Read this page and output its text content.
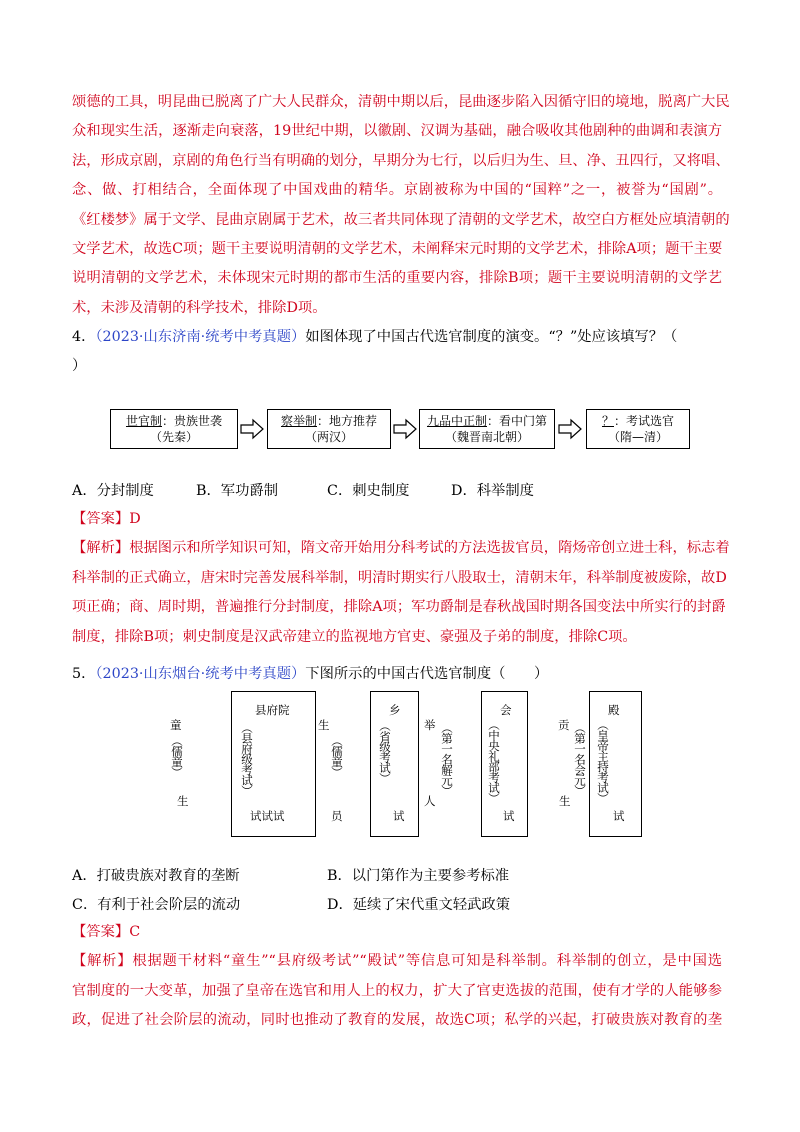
颂德的工具，明昆曲已脱离了广大人民群众，清朝中期以后，昆曲逐步陷入因循守旧的境地，脱离广大民
众和现实生活，逐渐走向衰落，19世纪中期，以徽剧、汉调为基础，融合吸收其他剧种的曲调和表演方
法，形成京剧，京剧的角色行当有明确的划分，早期分为七行，以后归为生、旦、净、丑四行，又将唱、
念、做、打相结合，全面体现了中国戏曲的精华。京剧被称为中国的“国粹”之一，被誉为“国剧”。
《红楼梦》属于文学、昆曲京剧属于艺术，故三者共同体现了清朝的文学艺术，故空白方框处应填清朝的
文学艺术，故选C项；题干主要说明清朝的文学艺术，未阐释宋元时期的文学艺术，排除A项；题干主要
说明清朝的文学艺术，未体现宋元时期的都市生活的重要内容，排除B项；题干主要说明清朝的文学艺
术，未涉及清朝的科学技术，排除D项。
4．（2023·山东济南·统考中考真题）如图体现了中国古代选官制度的演变。“？”处应该填写？（
）
世官制：贵族世袭
（先秦）
察举制：地方推荐
（两汉）
九品中正制：看中门第
（魏晋南北朝）
？：考试选官
（隋—清）
A．分封制度	B．军功爵制	C．刺史制度	D．科举制度
【答案】D
【解析】根据图示和所学知识可知，隋文帝开始用分科考试的方法选拔官员，隋炀帝创立进士科，标志着
科举制的正式确立，唐宋时完善发展科举制，明清时期实行八股取士，清朝末年，科举制度被废除，故D
项正确；商、周时期，普遍推行分封制度，排除A项；军功爵制是春秋战国时期各国变法中所实行的封爵
制度，排除B项；刺史制度是汉武帝建立的监视地方官吏、豪强及子弟的制度，排除C项。
5．（2023·山东烟台·统考中考真题）下图所示的中国古代选官制度（　　）
童
（儒童）
生
县府院
（县府级考试）
试试试
生
（儒童）
员
乡
（省级考试）
试
举 （第一名解元）
人
会
（中央礼部考试）
试
贡 （第一名会元）
生
殿
（皇帝主持考试）
试
A．打破贵族对教育的垄断	B．以门第作为主要参考标准
C．有利于社会阶层的流动	D．延续了宋代重文轻武政策
【答案】C
【解析】根据题干材料“童生”“县府级考试”“殿试”等信息可知是科举制。科举制的创立，是中国选
官制度的一大变革，加强了皇帝在选官和用人上的权力，扩大了官吏选拔的范围，使有才学的人能够参
政，促进了社会阶层的流动，同时也推动了教育的发展，故选C项；私学的兴起，打破贵族对教育的垄
